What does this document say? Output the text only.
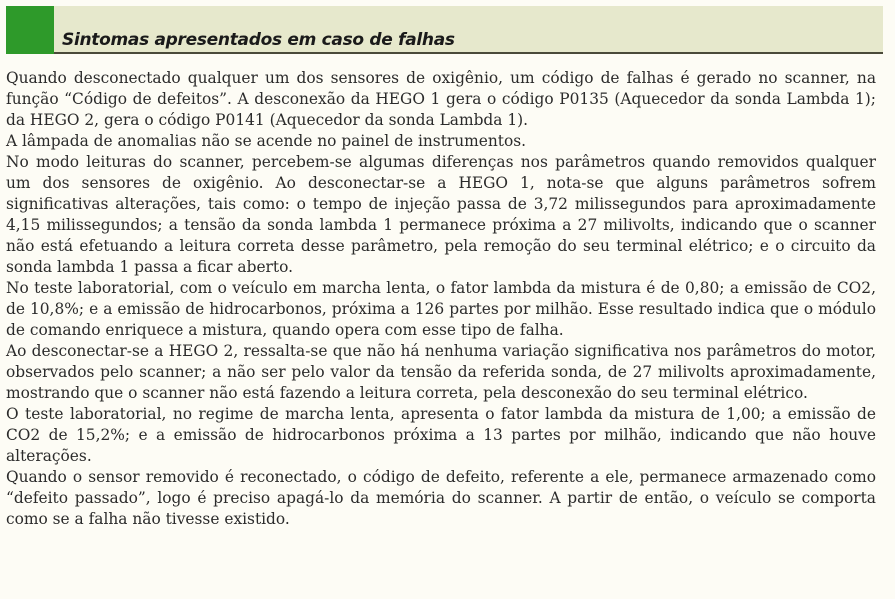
Sintomas apresentados em caso de falhas

Quando desconectado qualquer um dos sensores de oxigênio, um código de falhas é gerado no scanner, na função “Código de defeitos”. A desconexão da HEGO 1 gera o código P0135 (Aquecedor da sonda Lambda 1); da HEGO 2, gera o código P0141 (Aquecedor da sonda Lambda 1).

A lâmpada de anomalias não se acende no painel de instrumentos.

No modo leituras do scanner, percebem-se algumas diferenças nos parâmetros quando removidos qualquer um dos sensores de oxigênio. Ao desconectar-se a HEGO 1, nota-se que alguns parâmetros sofrem significativas alterações, tais como: o tempo de injeção passa de 3,72 milissegundos para aproximadamente 4,15 milissegundos; a tensão da sonda lambda 1 permanece próxima a 27 milivolts, indicando que o scanner não está efetuando a leitura correta desse parâmetro, pela remoção do seu terminal elétrico; e o circuito da sonda lambda 1 passa a ficar aberto.

No teste laboratorial, com o veículo em marcha lenta, o fator lambda da mistura é de 0,80; a emissão de CO2, de 10,8%; e a emissão de hidrocarbonos, próxima a 126 partes por milhão. Esse resultado indica que o módulo de comando enriquece a mistura, quando opera com esse tipo de falha.

Ao desconectar-se a HEGO 2, ressalta-se que não há nenhuma variação significativa nos parâmetros do motor, observados pelo scanner; a não ser pelo valor da tensão da referida sonda, de 27 milivolts aproximadamente, mostrando que o scanner não está fazendo a leitura correta, pela desconexão do seu terminal elétrico.

O teste laboratorial, no regime de marcha lenta, apresenta o fator lambda da mistura de 1,00; a emissão de CO2 de 15,2%; e a emissão de hidrocarbonos próxima a 13 partes por milhão, indicando que não houve alterações.

Quando o sensor removido é reconectado, o código de defeito, referente a ele, permanece armazenado como “defeito passado”, logo é preciso apagá-lo da memória do scanner. A partir de então, o veículo se comporta como se a falha não tivesse existido.
